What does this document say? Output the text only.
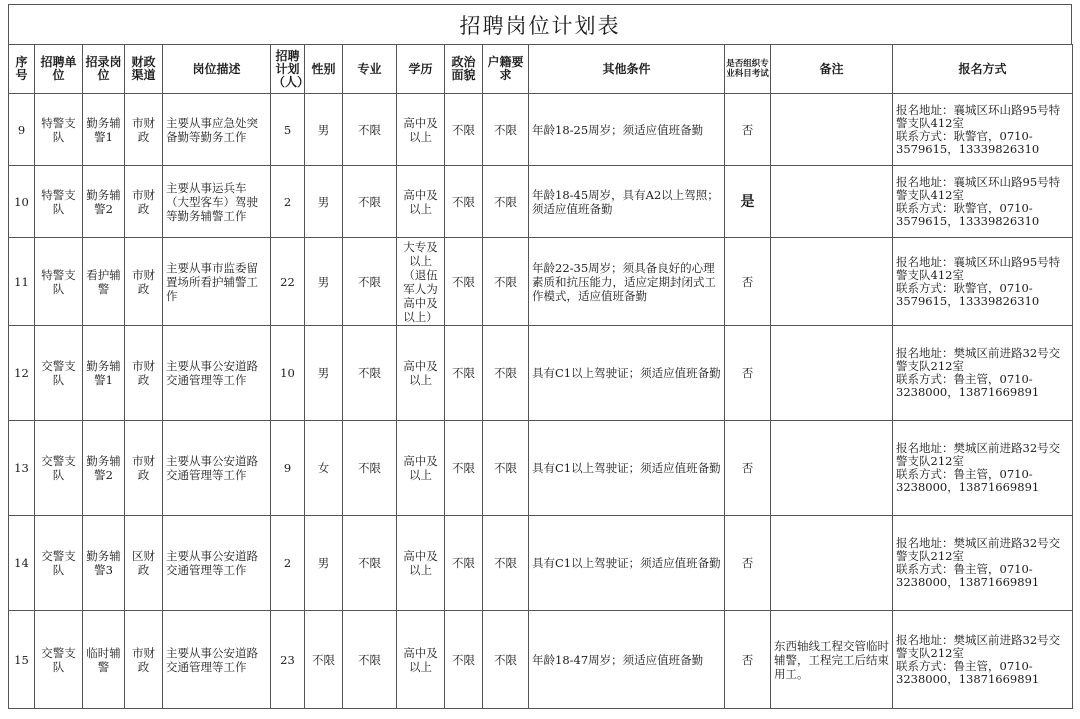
招聘岗位计划表
序号	招聘单位	招录岗位	财政渠道	岗位描述	招聘计划（人）	性别	专业	学历	政治面貌	户籍要求	其他条件	是否组织专业科目考试	备注	报名方式
9	特警支队	勤务辅警1	市财政	主要从事应急处突备勤等勤务工作	5	男	不限	高中及以上	不限	不限	年龄18-25周岁；须适应值班备勤	否		报名地址：襄城区环山路95号特警支队412室
联系方式：耿警官，0710-3579615，13339826310

10	特警支队	勤务辅警2	市财政	主要从事运兵车（大型客车）驾驶等勤务辅警工作	2	男	不限	高中及以上	不限	不限	年龄18-45周岁，具有A2以上驾照；须适应值班备勤	是		报名地址：襄城区环山路95号特警支队412室
联系方式：耿警官，0710-3579615，13339826310

11	特警支队	看护辅警	市财政	主要从事市监委留置场所看护辅警工作	22	男	不限	大专及以上（退伍军人为高中及以上）	不限	不限	年龄22-35周岁；须具备良好的心理素质和抗压能力，适应定期封闭式工作模式，适应值班备勤	否		报名地址：襄城区环山路95号特警支队412室
联系方式：耿警官，0710-3579615，13339826310

12	交警支队	勤务辅警1	市财政	主要从事公安道路交通管理等工作	10	男	不限	高中及以上	不限	不限	具有C1以上驾驶证；须适应值班备勤	否		报名地址：樊城区前进路32号交警支队212室
联系方式：鲁主管，0710-3238000，13871669891

13	交警支队	勤务辅警2	市财政	主要从事公安道路交通管理等工作	9	女	不限	高中及以上	不限	不限	具有C1以上驾驶证；须适应值班备勤	否		报名地址：樊城区前进路32号交警支队212室
联系方式：鲁主管，0710-3238000，13871669891

14	交警支队	勤务辅警3	区财政	主要从事公安道路交通管理等工作	2	男	不限	高中及以上	不限	不限	具有C1以上驾驶证；须适应值班备勤	否		报名地址：樊城区前进路32号交警支队212室
联系方式：鲁主管，0710-3238000，13871669891

15	交警支队	临时辅警	市财政	主要从事公安道路交通管理等工作	23	不限	不限	高中及以上	不限	不限	年龄18-47周岁；须适应值班备勤	否	东西轴线工程交管临时辅警，工程完工后结束用工。	报名地址：樊城区前进路32号交警支队212室
联系方式：鲁主管，0710-3238000，13871669891
